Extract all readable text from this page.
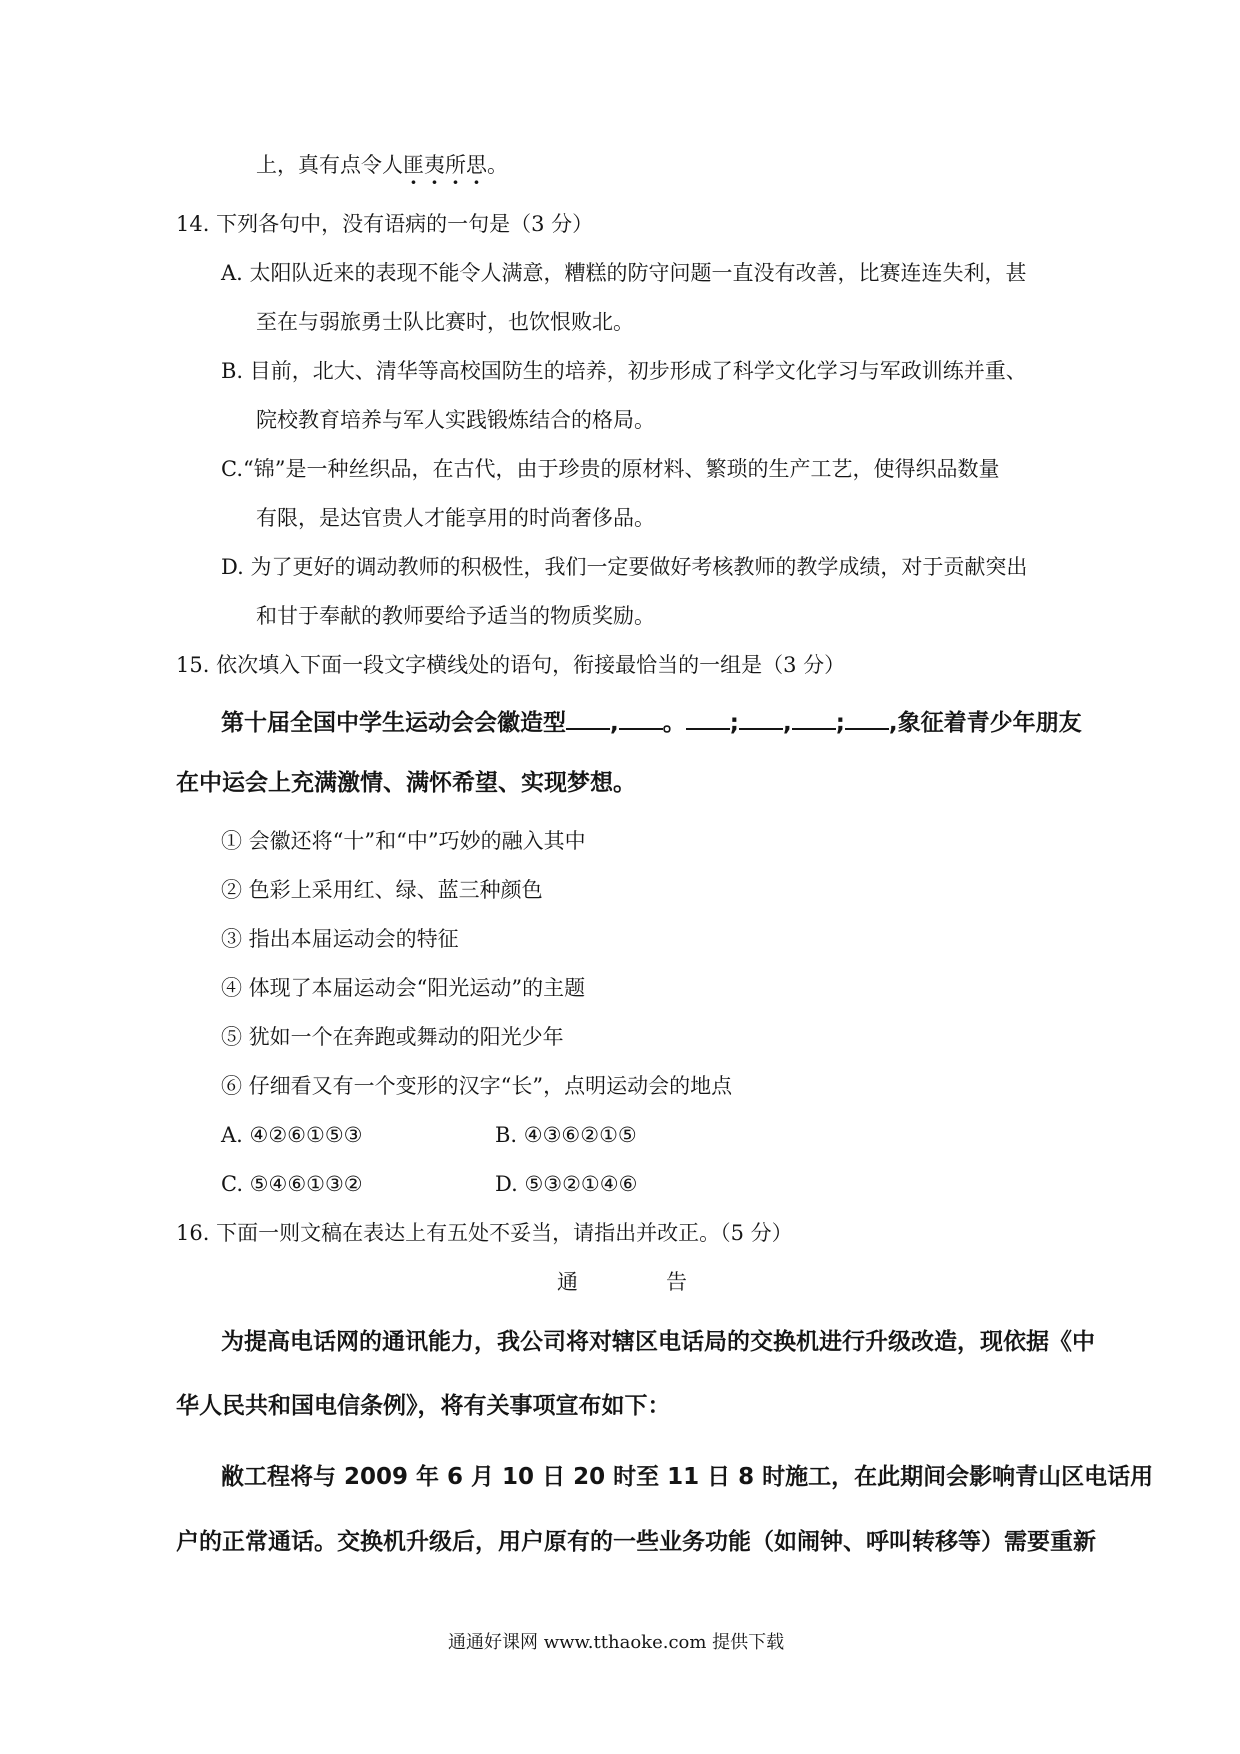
上，真有点令人匪夷所思。
14. 下列各句中，没有语病的一句是（3 分）
A. 太阳队近来的表现不能令人满意，糟糕的防守问题一直没有改善，比赛连连失利，甚
至在与弱旅勇士队比赛时，也饮恨败北。
B. 目前，北大、清华等高校国防生的培养，初步形成了科学文化学习与军政训练并重、
院校教育培养与军人实践锻炼结合的格局。
C.“锦”是一种丝织品，在古代，由于珍贵的原材料、繁琐的生产工艺，使得织品数量
有限，是达官贵人才能享用的时尚奢侈品。
D. 为了更好的调动教师的积极性，我们一定要做好考核教师的教学成绩，对于贡献突出
和甘于奉献的教师要给予适当的物质奖励。
15. 依次填入下面一段文字横线处的语句，衔接最恰当的一组是（3 分）
第十届全国中学生运动会会徽造型 , 。 ; , ; ,象征着青少年朋友
在中运会上充满激情、满怀希望、实现梦想。
① 会徽还将“十”和“中”巧妙的融入其中
② 色彩上采用红、绿、蓝三种颜色
③ 指出本届运动会的特征
④ 体现了本届运动会“阳光运动”的主题
⑤ 犹如一个在奔跑或舞动的阳光少年
⑥ 仔细看又有一个变形的汉字“长”，点明运动会的地点
A. ④②⑥①⑤③	B. ④③⑥②①⑤
C. ⑤④⑥①③②	D. ⑤③②①④⑥
16. 下面一则文稿在表达上有五处不妥当，请指出并改正。（5 分）
通	告
为提高电话网的通讯能力，我公司将对辖区电话局的交换机进行升级改造，现依据《中
华人民共和国电信条例》，将有关事项宣布如下：
敝工程将与 2009 年 6 月 10 日 20 时至 11 日 8 时施工，在此期间会影响青山区电话用
户的正常通话。交换机升级后，用户原有的一些业务功能（如闹钟、呼叫转移等）需要重新
通通好课网 www.tthaoke.com 提供下载
